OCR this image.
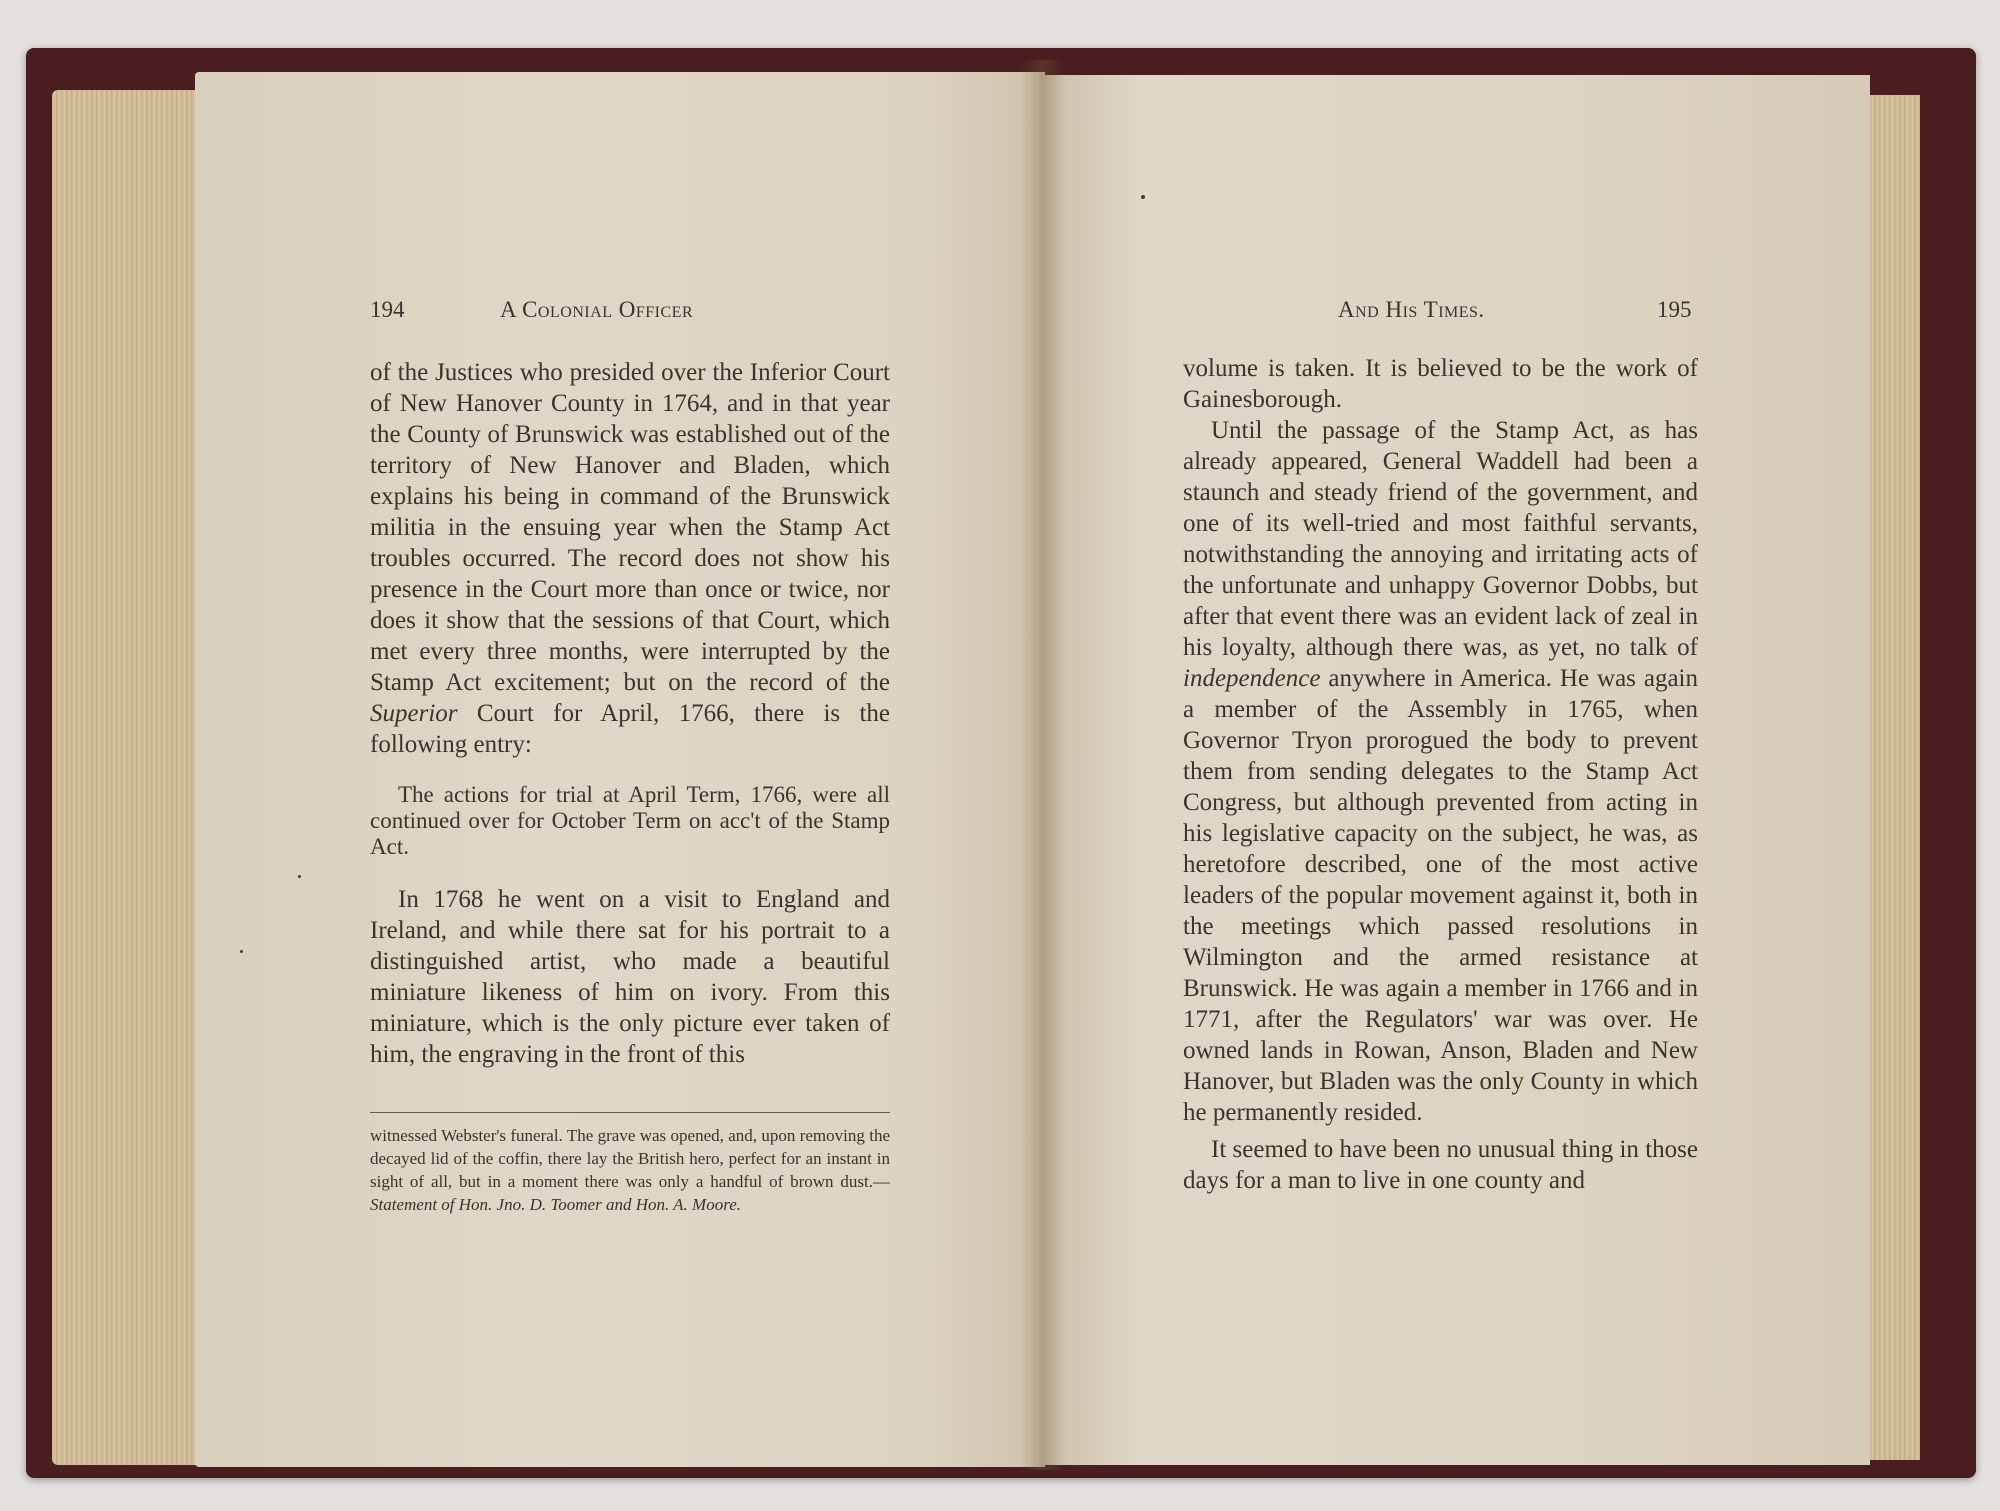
194	A Colonial Officer

of the Justices who presided over the Inferior Court of New Hanover County in 1764, and in that year the County of Brunswick was established out of the territory of New Hanover and Bladen, which explains his being in command of the Brunswick militia in the ensuing year when the Stamp Act troubles occurred. The record does not show his presence in the Court more than once or twice, nor does it show that the sessions of that Court, which met every three months, were interrupted by the Stamp Act excitement; but on the record of the Superior Court for April, 1766, there is the following entry:

The actions for trial at April Term, 1766, were all continued over for October Term on acc't of the Stamp Act.

In 1768 he went on a visit to England and Ireland, and while there sat for his portrait to a distinguished artist, who made a beautiful miniature likeness of him on ivory. From this miniature, which is the only picture ever taken of him, the engraving in the front of this

witnessed Webster's funeral. The grave was opened, and, upon removing the decayed lid of the coffin, there lay the British hero, perfect for an instant in sight of all, but in a moment there was only a handful of brown dust.—Statement of Hon. Jno. D. Toomer and Hon. A. Moore.

And His Times.	195

volume is taken. It is believed to be the work of Gainesborough.

Until the passage of the Stamp Act, as has already appeared, General Waddell had been a staunch and steady friend of the government, and one of its well-tried and most faithful servants, notwithstanding the annoying and irritating acts of the unfortunate and unhappy Governor Dobbs, but after that event there was an evident lack of zeal in his loyalty, although there was, as yet, no talk of independence anywhere in America. He was again a member of the Assembly in 1765, when Governor Tryon prorogued the body to prevent them from sending delegates to the Stamp Act Congress, but although prevented from acting in his legislative capacity on the subject, he was, as heretofore described, one of the most active leaders of the popular movement against it, both in the meetings which passed resolutions in Wilmington and the armed resistance at Brunswick. He was again a member in 1766 and in 1771, after the Regulators' war was over. He owned lands in Rowan, Anson, Bladen and New Hanover, but Bladen was the only County in which he permanently resided.

It seemed to have been no unusual thing in those days for a man to live in one county and
